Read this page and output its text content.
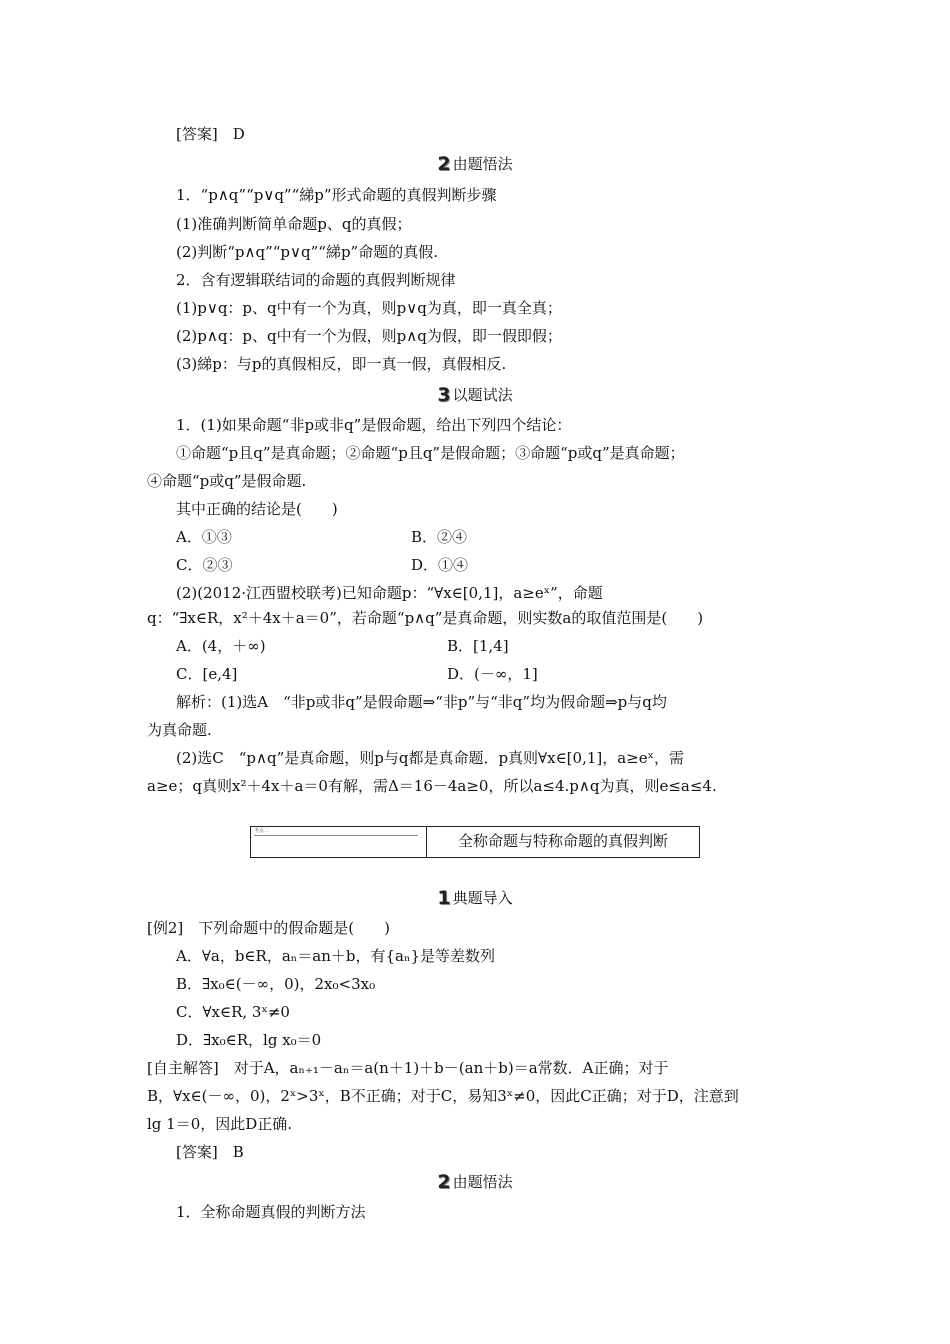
[答案]　D
2 由题悟法
1．“p∧q”“p∨q”“綈p”形式命题的真假判断步骤
(1)准确判断简单命题p、q的真假；
(2)判断“p∧q”“p∨q”“綈p”命题的真假.
2．含有逻辑联结词的命题的真假判断规律
(1)p∨q：p、q中有一个为真，则p∨q为真，即一真全真；
(2)p∧q：p、q中有一个为假，则p∧q为假，即一假即假；
(3)綈p：与p的真假相反，即一真一假，真假相反.
3 以题试法
1．(1)如果命题“非p或非q”是假命题，给出下列四个结论：
①命题“p且q”是真命题；②命题“p且q”是假命题；③命题“p或q”是真命题；
④命题“p或q”是假命题.
其中正确的结论是(　　)
A．①③	B．②④
C．②③	D．①④
(2)(2012·江西盟校联考)已知命题p：“∀x∈[0,1]，a≥eˣ”，命题
q：“∃x∈R，x²＋4x＋a＝0”，若命题“p∧q”是真命题，则实数a的取值范围是(　　)
A．(4，＋∞)	B．[1,4]
C．[e,4]	D．(－∞，1]
解析：(1)选A　“非p或非q”是假命题⇒“非p”与“非q”均为假命题⇒p与q均
为真命题.
(2)选C　“p∧q”是真命题，则p与q都是真命题．p真则∀x∈[0,1]，a≥eˣ，需
a≥e；q真则x²＋4x＋a＝0有解，需Δ＝16－4a≥0，所以a≤4.p∧q为真，则e≤a≤4.
考点二
全称命题与特称命题的真假判断
1 典题导入
[例2]　下列命题中的假命题是(　　)
A．∀a，b∈R，aₙ＝an＋b，有{aₙ}是等差数列
B．∃x₀∈(－∞，0)，2x₀<3x₀
C．∀x∈R, 3ˣ≠0
D．∃x₀∈R，lg x₀＝0
[自主解答]　对于A，aₙ₊₁－aₙ＝a(n＋1)＋b－(an＋b)＝a常数．A正确；对于
B，∀x∈(－∞，0)，2ˣ>3ˣ，B不正确；对于C，易知3ˣ≠0，因此C正确；对于D，注意到
lg 1＝0，因此D正确.
[答案]　B
2 由题悟法
1．全称命题真假的判断方法
